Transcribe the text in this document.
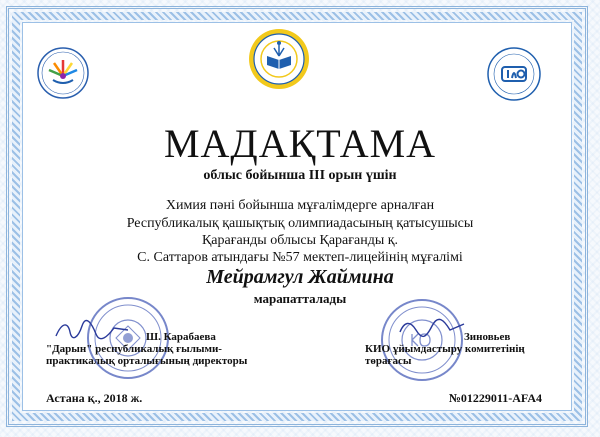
МАДАҚТАМА
облыс бойынша ІІІ орын үшін
Химия пәні бойынша мұғалімдерге арналған
Республикалық қашықтық олимпиадасының қатысушысы
Қарағанды облысы Қарағанды қ.
С. Саттаров атындағы №57 мектеп-лицейінің мұғалімі
Мейрамгул Жаймина
марапатталады
Ш. Карабаева
"Дарын" республикалық ғылыми-
практикалық орталығының директоры
Зиновьев
КИО ұйымдастыру комитетінің
төрағасы
Астана қ., 2018 ж.	№01229011-AFA4
